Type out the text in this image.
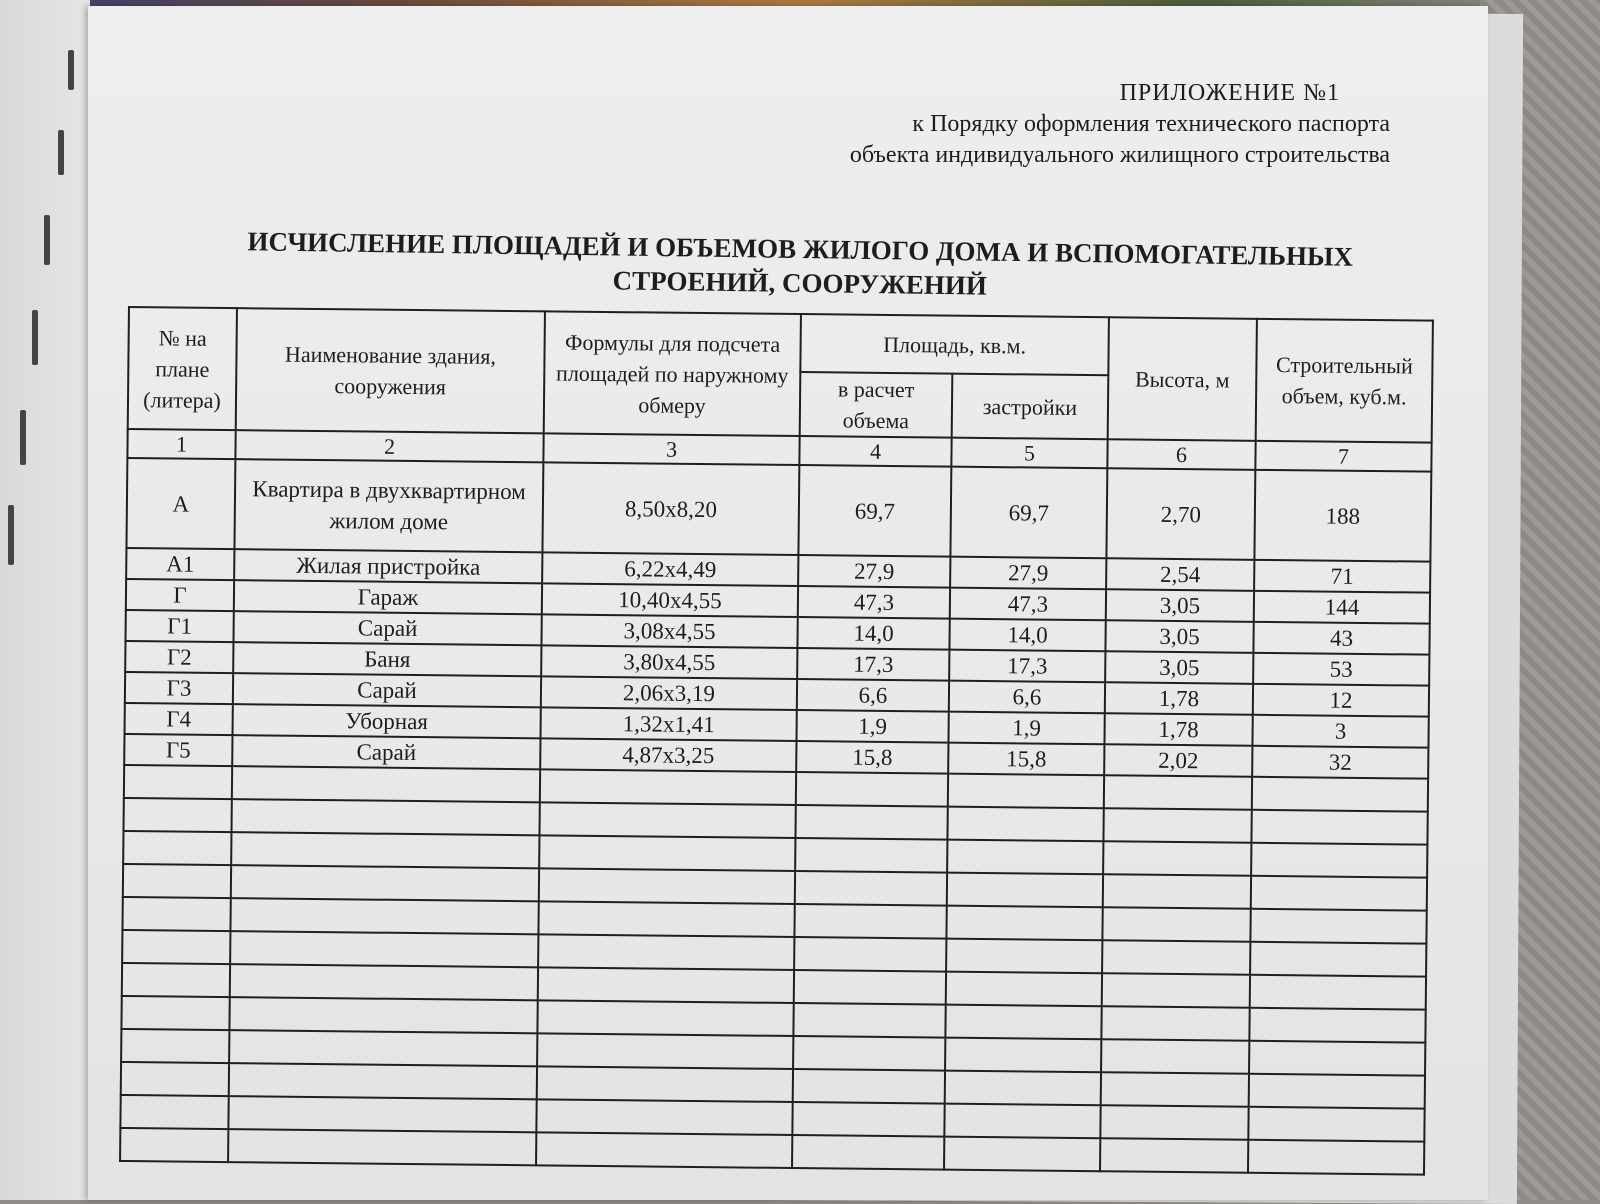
ПРИЛОЖЕНИЕ №1
к Порядку оформления технического паспорта
объекта индивидуального жилищного строительства
ИСЧИСЛЕНИЕ ПЛОЩАДЕЙ И ОБЪЕМОВ ЖИЛОГО ДОМА И ВСПОМОГАТЕЛЬНЫХ
СТРОЕНИЙ, СООРУЖЕНИЙ
№ на плане (литера)	Наименование здания, сооружения	Формулы для подсчета площадей по наружному обмеру	Площадь, кв.м.		Высота, м	Строительный объем, куб.м.
			в расчет объема	застройки		
1	2	3	4	5	6	7
А	Квартира в двухквартирном жилом доме	8,50х8,20	69,7	69,7	2,70	188
А1	Жилая пристройка	6,22х4,49	27,9	27,9	2,54	71
Г	Гараж	10,40х4,55	47,3	47,3	3,05	144
Г1	Сарай	3,08х4,55	14,0	14,0	3,05	43
Г2	Баня	3,80х4,55	17,3	17,3	3,05	53
Г3	Сарай	2,06х3,19	6,6	6,6	1,78	12
Г4	Уборная	1,32х1,41	1,9	1,9	1,78	3
Г5	Сарай	4,87х3,25	15,8	15,8	2,02	32
